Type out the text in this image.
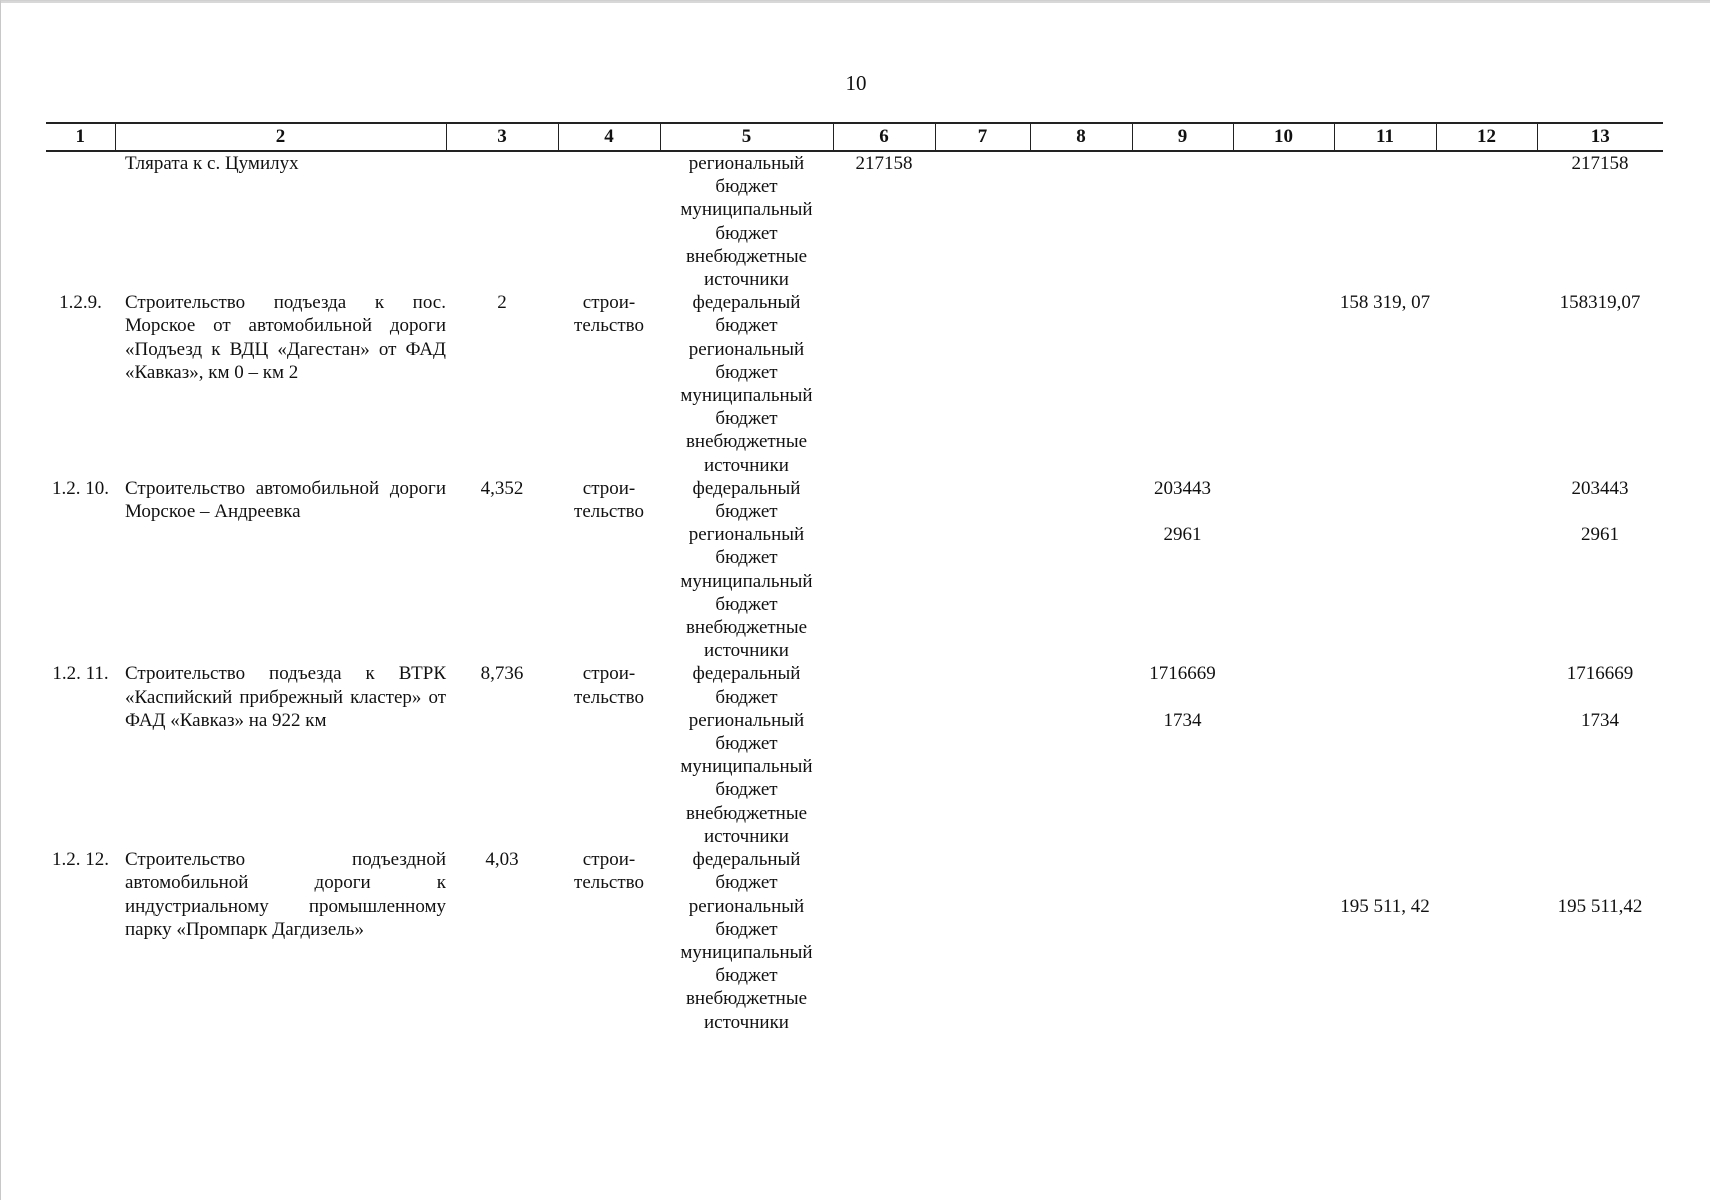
10
1	2	3	4	5	6	7	8	9	10	11	12	13
	Тлярата к с. Цумилух			региональный бюджет	217158							217158
				муниципальный бюджет								
				внебюджетные источники								
1.2.9.	Строительство подъезда к пос. Морское от автомобильной дороги «Подъезд к ВДЦ «Дагестан» от ФАД «Кавказ», км 0 – км 2	2	строи-тельство	федеральный бюджет						158 319, 07		158319,07
				региональный бюджет								
				муниципальный бюджет								
				внебюджетные источники								
1.2. 10.	Строительство автомобильной дороги Морское – Андреевка	4,352	строи-тельство	федеральный бюджет				203443				203443
				региональный бюджет				2961				2961
				муниципальный бюджет								
				внебюджетные источники								
1.2. 11.	Строительство подъезда к ВТРК «Каспийский прибрежный кластер» от ФАД «Кавказ» на 922 км	8,736	строи-тельство	федеральный бюджет				1716669				1716669
				региональный бюджет				1734				1734
				муниципальный бюджет								
				внебюджетные источники								
1.2. 12.	Строительство подъездной автомобильной дороги к индустриальному промышленному парку «Промпарк Дагдизель»	4,03	строи-тельство	федеральный бюджет								
				региональный бюджет						195 511, 42		195 511,42
				муниципальный бюджет								
				внебюджетные источники								
